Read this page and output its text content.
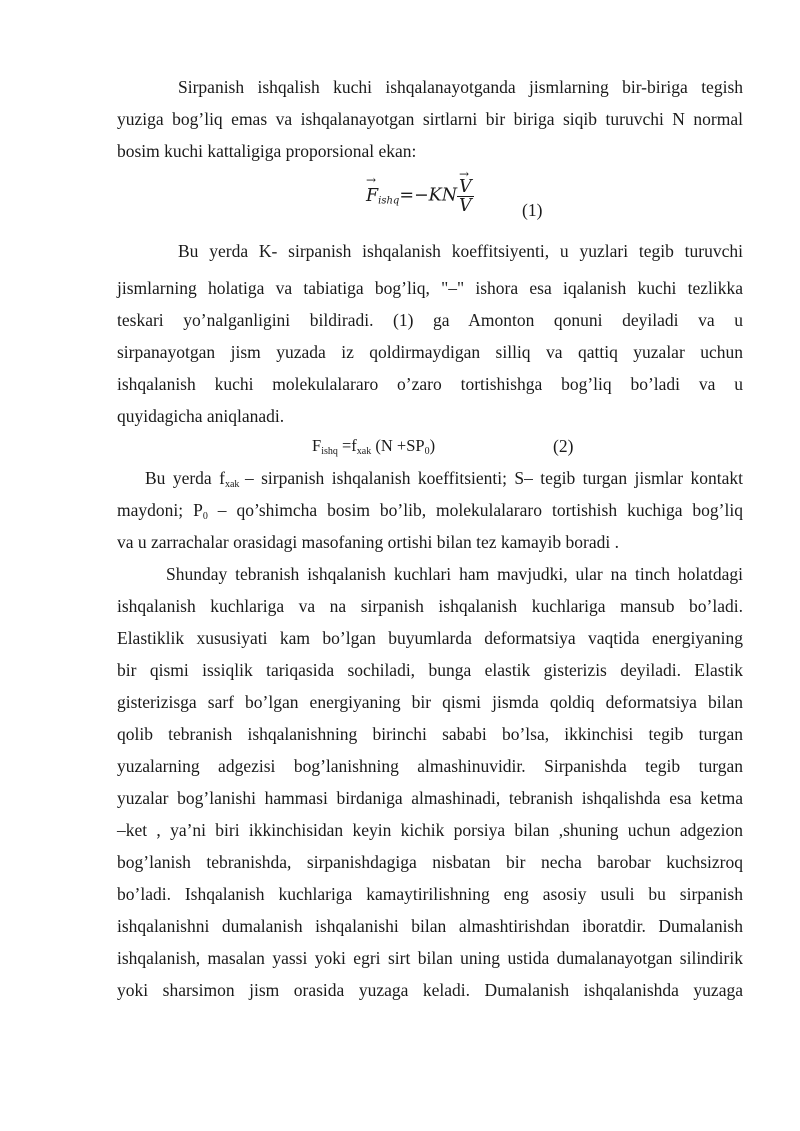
Sirpanish ishqalish kuchi ishqalanayotganda jismlarning bir-biriga tegish
yuziga bog’liq emas va ishqalanayotgan sirtlarni bir biriga siqib turuvchi N normal
bosim kuchi kattaligiga proporsional ekan:
→ $F_{ishq}=-KN$
→ $\frac{V}{V}$	(1)
Bu yerda K- sirpanish ishqalanish koeffitsiyenti, u yuzlari tegib turuvchi
jismlarning holatiga va tabiatiga bog’liq, "–" ishora esa iqalanish kuchi tezlikka
teskari yo’nalganligini bildiradi. (1) ga Amonton qonuni deyiladi va u
sirpanayotgan jism yuzada iz qoldirmaydigan silliq va qattiq yuzalar uchun
ishqalanish kuchi molekulalararo o’zaro tortishishga bog’liq bo’ladi va u
quyidagicha aniqlanadi.
$F_{ishq} =f_{xak}$ $(N +SP_0)$	(2)
Bu yerda $f_{xak}$ – sirpanish ishqalanish koeffitsienti; S– tegib turgan jismlar kontakt
maydoni; $P_0$ – qo’shimcha bosim bo’lib, molekulalararo tortishish kuchiga bog’liq
va u zarrachalar orasidagi masofaning ortishi bilan tez kamayib boradi .
Shunday tebranish ishqalanish kuchlari ham mavjudki, ular na tinch holatdagi
ishqalanish kuchlariga va na sirpanish ishqalanish kuchlariga mansub bo’ladi.
Elastiklik xususiyati kam bo’lgan buyumlarda deformatsiya vaqtida energiyaning
bir qismi issiqlik tariqasida sochiladi, bunga elastik gisterizis deyiladi. Elastik
gisterizisga sarf bo’lgan energiyaning bir qismi jismda qoldiq deformatsiya bilan
qolib tebranish ishqalanishning birinchi sababi bo’lsa, ikkinchisi tegib turgan
yuzalarning adgezisi bog’lanishning almashinuvidir. Sirpanishda tegib turgan
yuzalar bog’lanishi hammasi birdaniga almashinadi, tebranish ishqalishda esa ketma
–ket , ya’ni biri ikkinchisidan keyin kichik porsiya bilan ,shuning uchun adgezion
bog’lanish tebranishda, sirpanishdagiga nisbatan bir necha barobar kuchsizroq
bo’ladi. Ishqalanish kuchlariga kamaytirilishning eng asosiy usuli bu sirpanish
ishqalanishni dumalanish ishqalanishi bilan almashtirishdan iboratdir. Dumalanish
ishqalanish, masalan yassi yoki egri sirt bilan uning ustida dumalanayotgan silindirik
yoki sharsimon jism orasida yuzaga keladi. Dumalanish ishqalanishda yuzaga
